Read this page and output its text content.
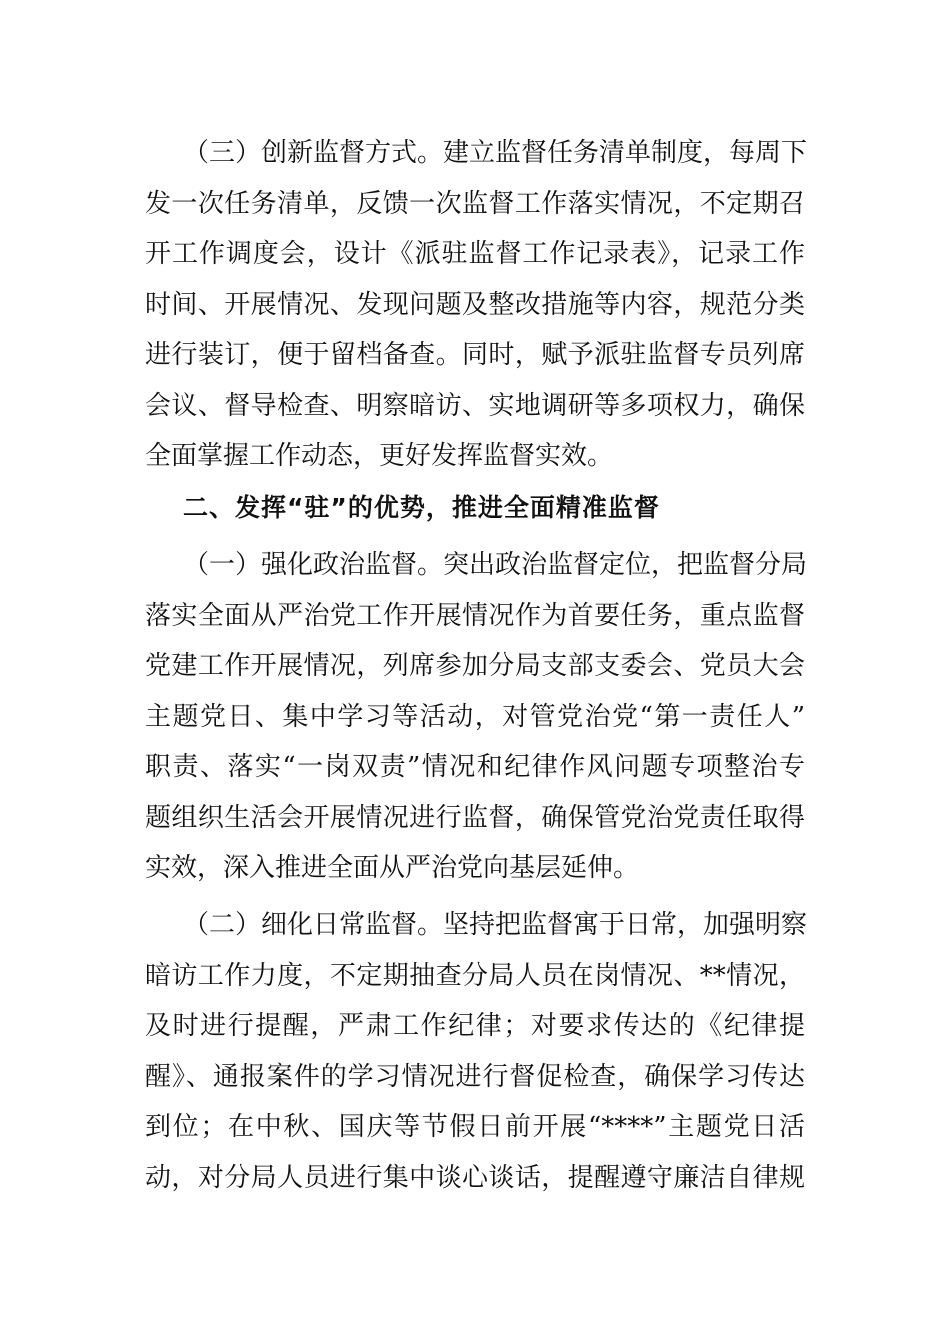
（三）创新监督方式。建立监督任务清单制度，每周下
发一次任务清单，反馈一次监督工作落实情况，不定期召
开工作调度会，设计《派驻监督工作记录表》，记录工作
时间、开展情况、发现问题及整改措施等内容，规范分类
进行装订，便于留档备查。同时，赋予派驻监督专员列席
会议、督导检查、明察暗访、实地调研等多项权力，确保
全面掌握工作动态，更好发挥监督实效。
二、发挥“驻”的优势，推进全面精准监督
（一）强化政治监督。突出政治监督定位，把监督分局
落实全面从严治党工作开展情况作为首要任务，重点监督
党建工作开展情况，列席参加分局支部支委会、党员大会
主题党日、集中学习等活动，对管党治党“第一责任人”
职责、落实“一岗双责”情况和纪律作风问题专项整治专
题组织生活会开展情况进行监督，确保管党治党责任取得
实效，深入推进全面从严治党向基层延伸。
（二）细化日常监督。坚持把监督寓于日常，加强明察
暗访工作力度，不定期抽查分局人员在岗情况、**情况，
及时进行提醒，严肃工作纪律；对要求传达的《纪律提
醒》、通报案件的学习情况进行督促检查，确保学习传达
到位；在中秋、国庆等节假日前开展“****”主题党日活
动，对分局人员进行集中谈心谈话，提醒遵守廉洁自律规
